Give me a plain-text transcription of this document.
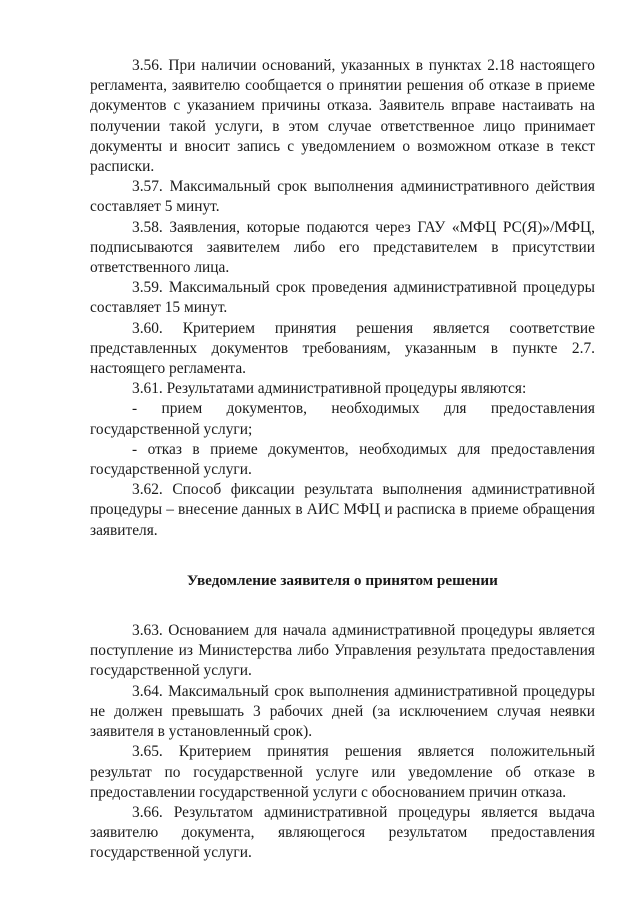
3.56. При наличии оснований, указанных в пунктах 2.18 настоящего регламента, заявителю сообщается о принятии решения об отказе в приеме документов с указанием причины отказа. Заявитель вправе настаивать на получении такой услуги, в этом случае ответственное лицо принимает документы и вносит запись с уведомлением о возможном отказе в текст расписки.

3.57. Максимальный срок выполнения административного действия составляет 5 минут.

3.58. Заявления, которые подаются через ГАУ «МФЦ РС(Я)»/МФЦ, подписываются заявителем либо его представителем в присутствии ответственного лица.

3.59. Максимальный срок проведения административной процедуры составляет 15 минут.

3.60. Критерием принятия решения является соответствие представленных документов требованиям, указанным в пункте 2.7. настоящего регламента.

3.61. Результатами административной процедуры являются:

- прием документов, необходимых для предоставления государственной услуги;

- отказ в приеме документов, необходимых для предоставления государственной услуги.

3.62. Способ фиксации результата выполнения административной процедуры – внесение данных в АИС МФЦ и расписка в приеме обращения заявителя.

Уведомление заявителя о принятом решении

3.63. Основанием для начала административной процедуры является поступление из Министерства либо Управления результата предоставления государственной услуги.

3.64. Максимальный срок выполнения административной процедуры не должен превышать 3 рабочих дней (за исключением случая неявки заявителя в установленный срок).

3.65. Критерием принятия решения является положительный результат по государственной услуге или уведомление об отказе в предоставлении государственной услуги с обоснованием причин отказа.

3.66. Результатом административной процедуры является выдача заявителю документа, являющегося результатом предоставления государственной услуги.
